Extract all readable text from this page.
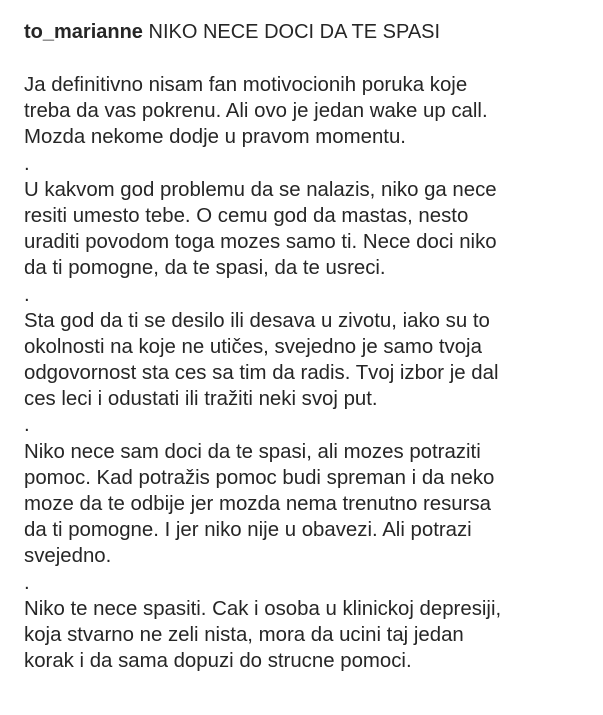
to_marianne NIKO NECE DOCI DA TE SPASI
Ja definitivno nisam fan motivocionih poruka koje
treba da vas pokrenu. Ali ovo je jedan wake up call.
Mozda nekome dodje u pravom momentu.
.
U kakvom god problemu da se nalazis, niko ga nece
resiti umesto tebe. O cemu god da mastas, nesto
uraditi povodom toga mozes samo ti. Nece doci niko
da ti pomogne, da te spasi, da te usreci.
.
Sta god da ti se desilo ili desava u zivotu, iako su to
okolnosti na koje ne utičes, svejedno je samo tvoja
odgovornost sta ces sa tim da radis. Tvoj izbor je dal
ces leci i odustati ili tražiti neki svoj put.
.
Niko nece sam doci da te spasi, ali mozes potraziti
pomoc. Kad potražis pomoc budi spreman i da neko
moze da te odbije jer mozda nema trenutno resursa
da ti pomogne. I jer niko nije u obavezi. Ali potrazi
svejedno.
.
Niko te nece spasiti. Cak i osoba u klinickoj depresiji,
koja stvarno ne zeli nista, mora da ucini taj jedan
korak i da sama dopuzi do strucne pomoci.
